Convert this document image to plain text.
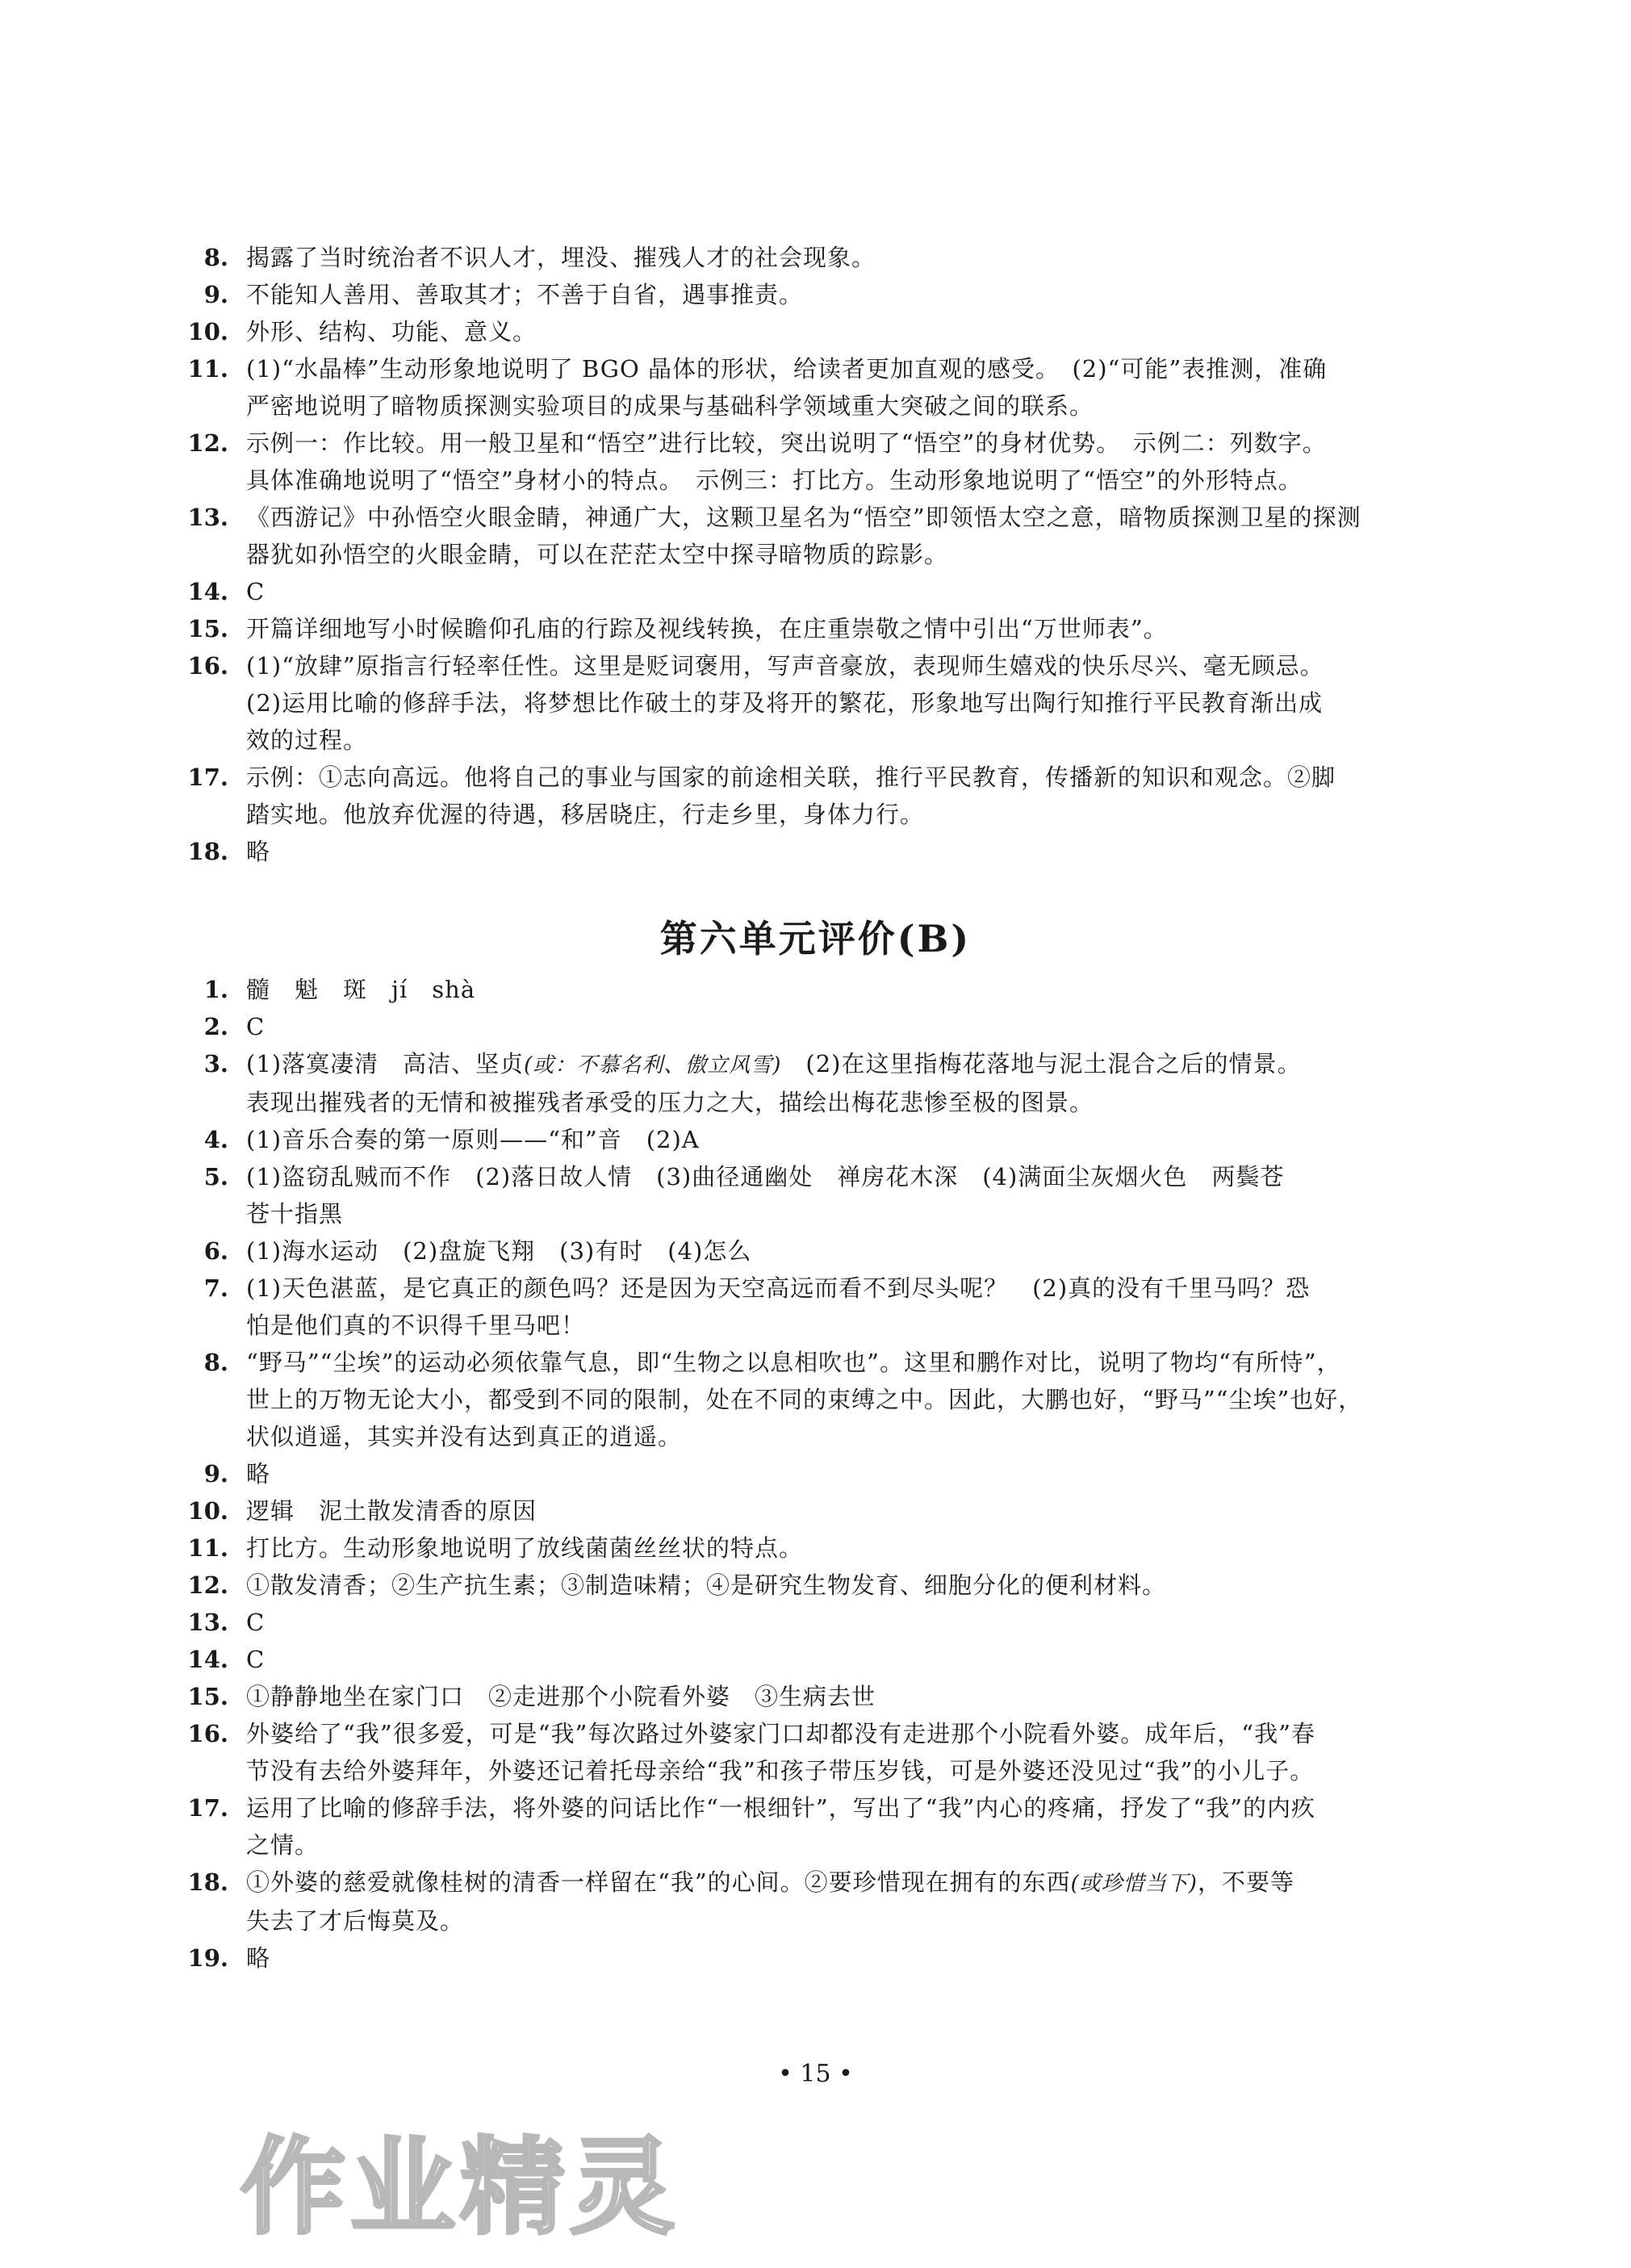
8. 揭露了当时统治者不识人才，埋没、摧残人才的社会现象。
9. 不能知人善用、善取其才；不善于自省，遇事推责。
10. 外形、结构、功能、意义。
11. (1)“水晶棒”生动形象地说明了 BGO 晶体的形状，给读者更加直观的感受。　(2)“可能”表推测，准确
严密地说明了暗物质探测实验项目的成果与基础科学领域重大突破之间的联系。
12. 示例一：作比较。用一般卫星和“悟空”进行比较，突出说明了“悟空”的身材优势。　示例二：列数字。
具体准确地说明了“悟空”身材小的特点。　示例三：打比方。生动形象地说明了“悟空”的外形特点。
13. 《西游记》中孙悟空火眼金睛，神通广大，这颗卫星名为“悟空”即领悟太空之意，暗物质探测卫星的探测
器犹如孙悟空的火眼金睛，可以在茫茫太空中探寻暗物质的踪影。
14. C
15. 开篇详细地写小时候瞻仰孔庙的行踪及视线转换，在庄重崇敬之情中引出“万世师表”。
16. (1)“放肆”原指言行轻率任性。这里是贬词褒用，写声音豪放，表现师生嬉戏的快乐尽兴、毫无顾忌。
(2)运用比喻的修辞手法，将梦想比作破土的芽及将开的繁花，形象地写出陶行知推行平民教育渐出成
效的过程。
17. 示例：①志向高远。他将自己的事业与国家的前途相关联，推行平民教育，传播新的知识和观念。②脚
踏实地。他放弃优渥的待遇，移居晓庄，行走乡里，身体力行。
18. 略
第六单元评价(B)
1. 髓　魁　斑　jí　shà
2. C
3. (1)落寞凄清　高洁、坚贞(或：不慕名利、傲立风雪)　(2)在这里指梅花落地与泥土混合之后的情景。
表现出摧残者的无情和被摧残者承受的压力之大，描绘出梅花悲惨至极的图景。
4. (1)音乐合奏的第一原则——“和”音　(2)A
5. (1)盗窃乱贼而不作　(2)落日故人情　(3)曲径通幽处　禅房花木深　(4)满面尘灰烟火色　两鬓苍
苍十指黑
6. (1)海水运动　(2)盘旋飞翔　(3)有时　(4)怎么
7. (1)天色湛蓝，是它真正的颜色吗？还是因为天空高远而看不到尽头呢？　(2)真的没有千里马吗？恐
怕是他们真的不识得千里马吧！
8. “野马”“尘埃”的运动必须依靠气息，即“生物之以息相吹也”。这里和鹏作对比，说明了物均“有所恃”，
世上的万物无论大小，都受到不同的限制，处在不同的束缚之中。因此，大鹏也好，“野马”“尘埃”也好，
状似逍遥，其实并没有达到真正的逍遥。
9. 略
10. 逻辑　泥土散发清香的原因
11. 打比方。生动形象地说明了放线菌菌丝丝状的特点。
12. ①散发清香；②生产抗生素；③制造味精；④是研究生物发育、细胞分化的便利材料。
13. C
14. C
15. ①静静地坐在家门口　②走进那个小院看外婆　③生病去世
16. 外婆给了“我”很多爱，可是“我”每次路过外婆家门口却都没有走进那个小院看外婆。成年后，“我”春
节没有去给外婆拜年，外婆还记着托母亲给“我”和孩子带压岁钱，可是外婆还没见过“我”的小儿子。
17. 运用了比喻的修辞手法，将外婆的问话比作“一根细针”，写出了“我”内心的疼痛，抒发了“我”的内疚
之情。
18. ①外婆的慈爱就像桂树的清香一样留在“我”的心间。②要珍惜现在拥有的东西(或珍惜当下)，不要等
失去了才后悔莫及。
19. 略
• 15 •
作业精灵
